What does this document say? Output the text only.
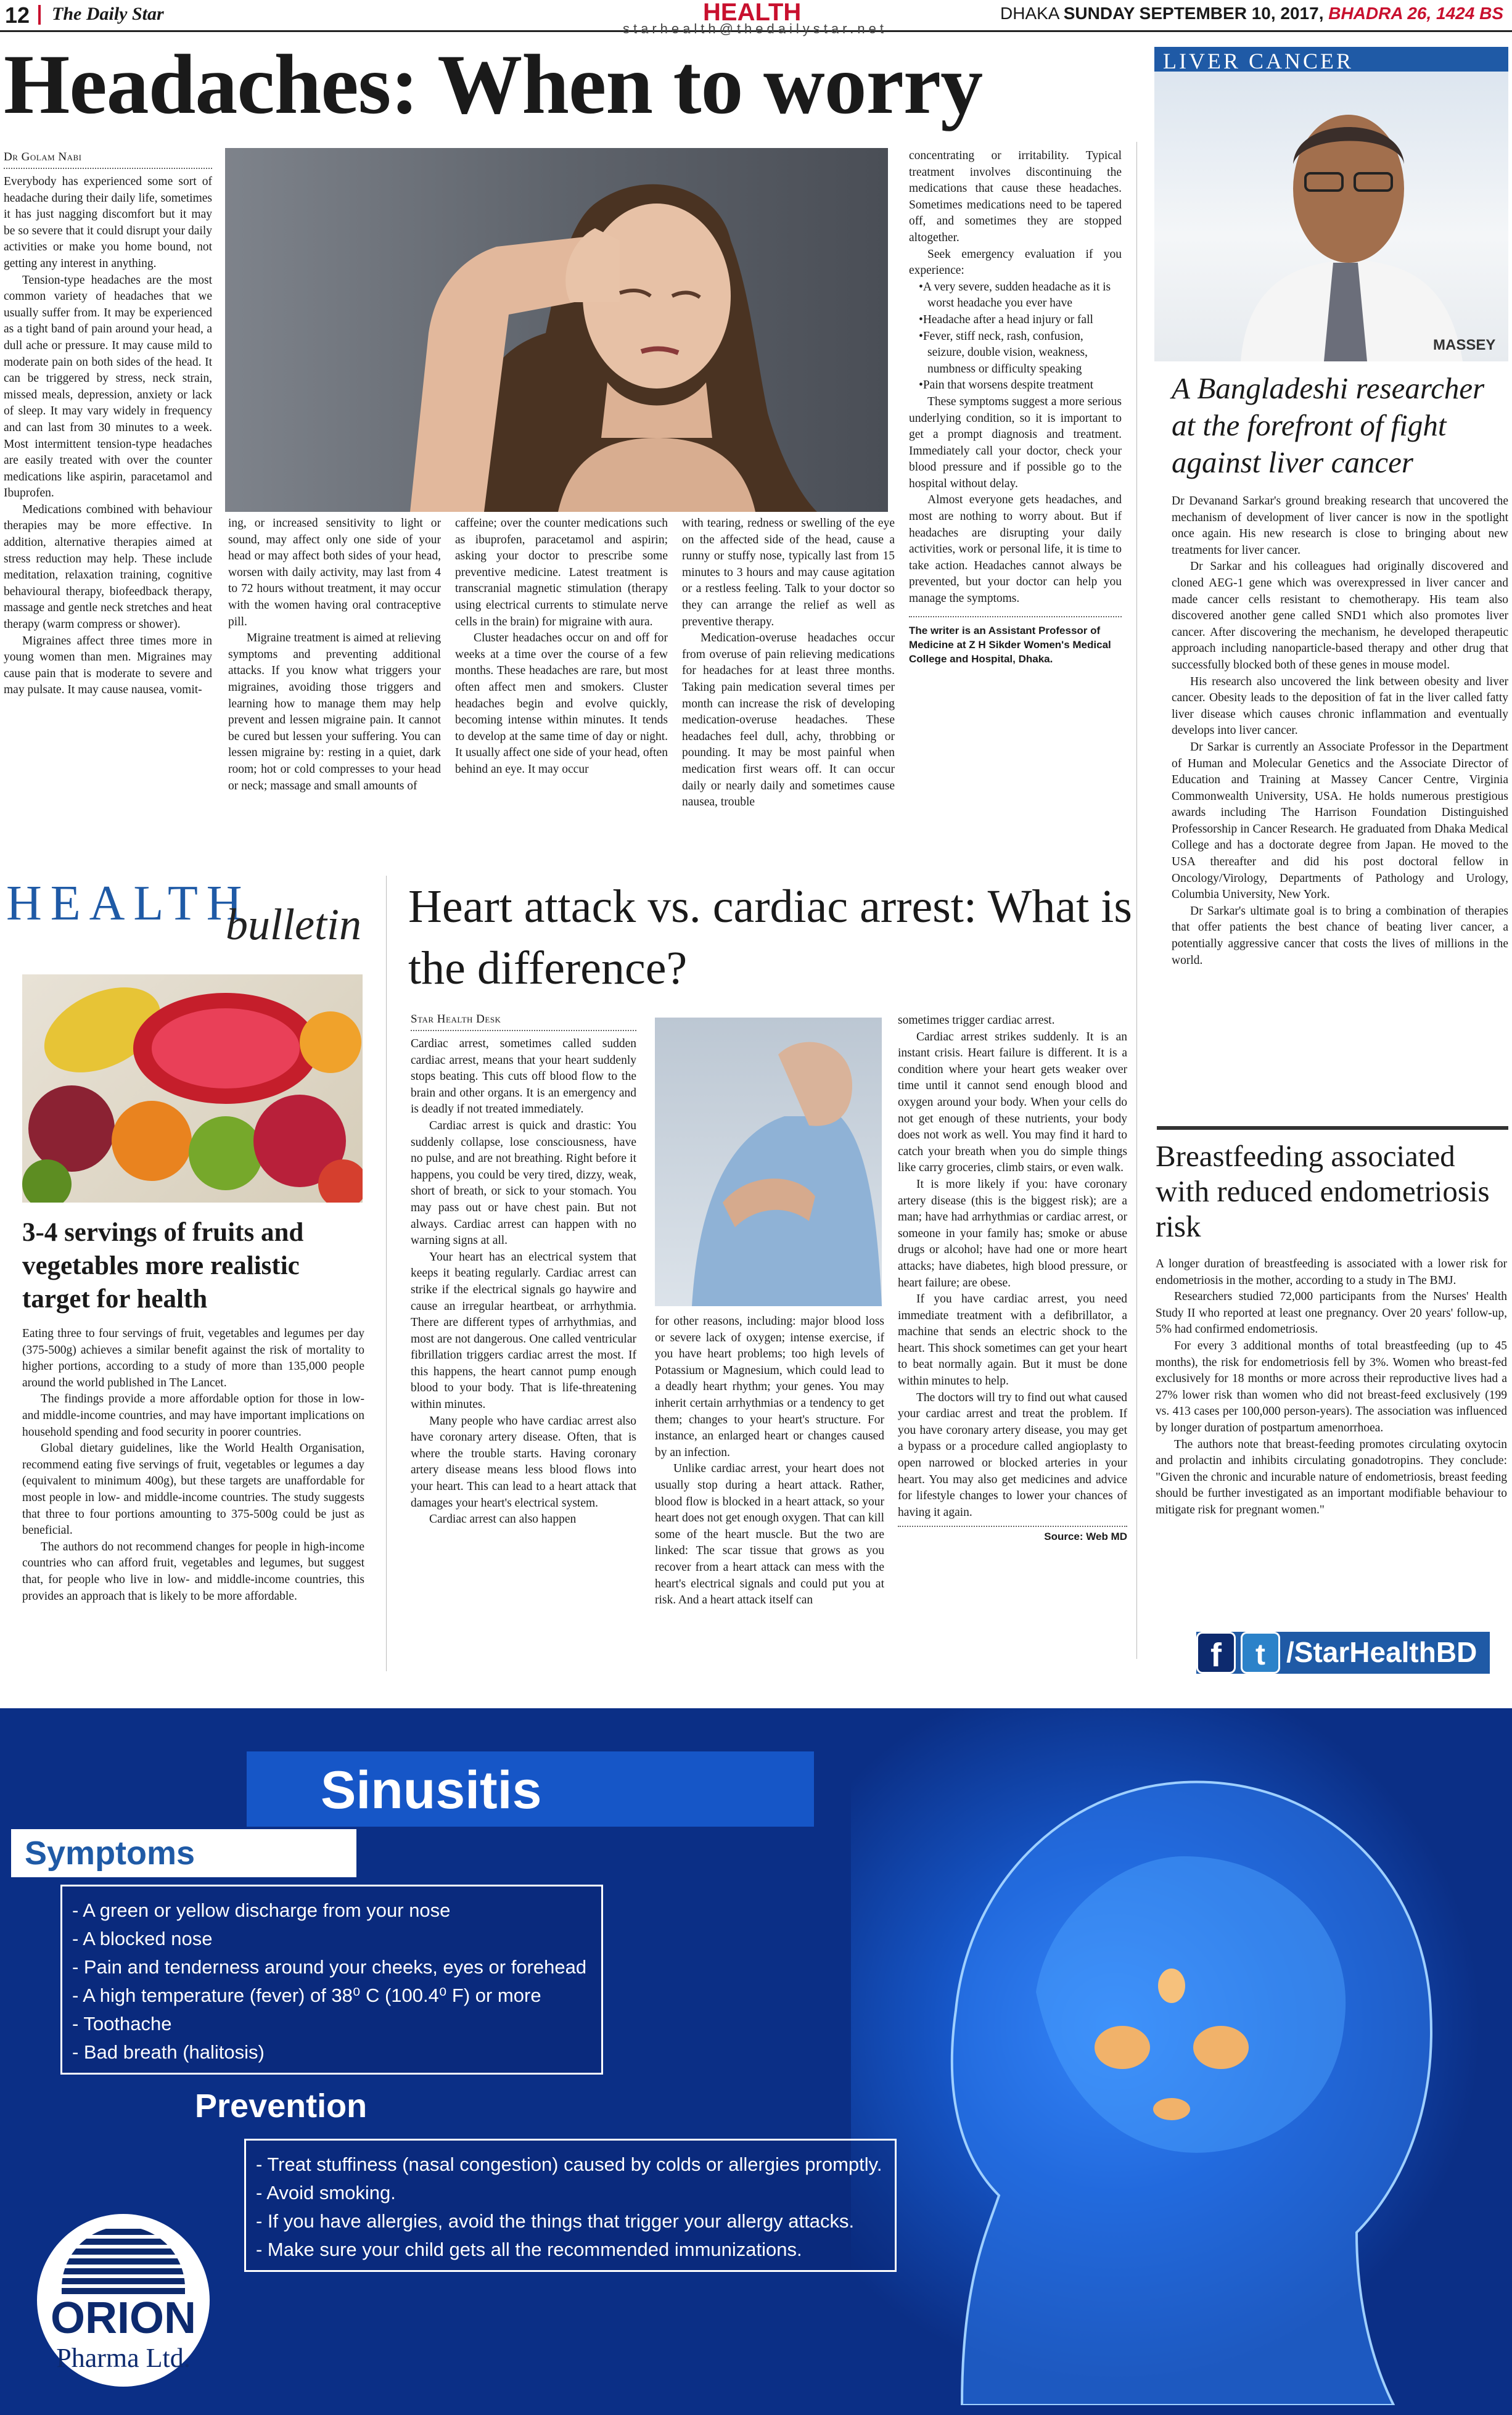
12 The Daily Star	HEALTH
starhealth@thedailystar.net
DHAKA SUNDAY SEPTEMBER 10, 2017, BHADRA 26, 1424 BS
Headaches: When to worry
Dr Golam Nabi

Everybody has experienced some sort of headache during their daily life, sometimes it has just nagging discomfort but it may be so severe that it could disrupt your daily activities or make you home bound, not getting any interest in anything.

Tension-type headaches are the most common variety of headaches that we usually suffer from. It may be experienced as a tight band of pain around your head, a dull ache or pressure. It may cause mild to moderate pain on both sides of the head. It can be triggered by stress, neck strain, missed meals, depression, anxiety or lack of sleep. It may vary widely in frequency and can last from 30 minutes to a week. Most intermittent tension-type headaches are easily treated with over the counter medications like aspirin, paracetamol and Ibuprofen.

Medications combined with behaviour therapies may be more effective. In addition, alternative therapies aimed at stress reduction may help. These include meditation, relaxation training, cognitive behavioural therapy, biofeedback therapy, massage and gentle neck stretches and heat therapy (warm compress or shower).

Migraines affect three times more in young women than men. Migraines may cause pain that is moderate to severe and may pulsate. It may cause nausea, vomit-

ing, or increased sensitivity to light or sound, may affect only one side of your head or may affect both sides of your head, worsen with daily activity, may last from 4 to 72 hours without treatment, it may occur with the women having oral contraceptive pill.

Migraine treatment is aimed at relieving symptoms and preventing additional attacks. If you know what triggers your migraines, avoiding those triggers and learning how to manage them may help prevent and lessen migraine pain. It cannot be cured but lessen your suffering. You can lessen migraine by: resting in a quiet, dark room; hot or cold compresses to your head or neck; massage and small amounts of

caffeine; over the counter medications such as ibuprofen, paracetamol and aspirin; asking your doctor to prescribe some preventive medicine. Latest treatment is transcranial magnetic stimulation (therapy using electrical currents to stimulate nerve cells in the brain) for migraine with aura.

Cluster headaches occur on and off for weeks at a time over the course of a few months. These headaches are rare, but most often affect men and smokers. Cluster headaches begin and evolve quickly, becoming intense within minutes. It tends to develop at the same time of day or night. It usually affect one side of your head, often behind an eye. It may occur

with tearing, redness or swelling of the eye on the affected side of the head, cause a runny or stuffy nose, typically last from 15 minutes to 3 hours and may cause agitation or a restless feeling. Talk to your doctor so they can arrange the relief as well as preventive therapy.

Medication-overuse headaches occur from overuse of pain relieving medications for headaches for at least three months. Taking pain medication several times per month can increase the risk of developing medication-overuse headaches. These headaches feel dull, achy, throbbing or pounding. It may be most painful when medication first wears off. It can occur daily or nearly daily and sometimes cause nausea, trouble

concentrating or irritability. Typical treatment involves discontinuing the medications that cause these headaches. Sometimes medications need to be tapered off, and sometimes they are stopped altogether.

Seek emergency evaluation if you experience:

•A very severe, sudden headache as it is worst headache you ever have
•Headache after a head injury or fall
•Fever, stiff neck, rash, confusion, seizure, double vision, weakness, numbness or difficulty speaking
•Pain that worsens despite treatment

These symptoms suggest a more serious underlying condition, so it is important to get a prompt diagnosis and treatment. Immediately call your doctor, check your blood pressure and if possible go to the hospital without delay.

Almost everyone gets headaches, and most are nothing to worry about. But if headaches are disrupting your daily activities, work or personal life, it is time to take action. Headaches cannot always be prevented, but your doctor can help you manage the symptoms.

The writer is an Assistant Professor of Medicine at Z H Sikder Women's Medical College and Hospital, Dhaka.
LIVER CANCER
MASSEY
A Bangladeshi researcher at the forefront of fight against liver cancer

Dr Devanand Sarkar's ground breaking research that uncovered the mechanism of development of liver cancer is now in the spotlight once again. His new research is close to bringing about new treatments for liver cancer.

Dr Sarkar and his colleagues had originally discovered and cloned AEG-1 gene which was overexpressed in liver cancer and made cancer cells resistant to chemotherapy. His team also discovered another gene called SND1 which also promotes liver cancer. After discovering the mechanism, he developed therapeutic approach including nanoparticle-based therapy and other drug that successfully blocked both of these genes in mouse model.

His research also uncovered the link between obesity and liver cancer. Obesity leads to the deposition of fat in the liver called fatty liver disease which causes chronic inflammation and eventually develops into liver cancer.

Dr Sarkar is currently an Associate Professor in the Department of Human and Molecular Genetics and the Associate Director of Education and Training at Massey Cancer Centre, Virginia Commonwealth University, USA. He holds numerous prestigious awards including The Harrison Foundation Distinguished Professorship in Cancer Research. He graduated from Dhaka Medical College and has a doctorate degree from Japan. He moved to the USA thereafter and did his post doctoral fellow in Oncology/Virology, Departments of Pathology and Urology, Columbia University, New York.

Dr Sarkar's ultimate goal is to bring a combination of therapies that offer patients the best chance of beating liver cancer, a potentially aggressive cancer that costs the lives of millions in the world.

Breastfeeding associated with reduced endometriosis risk

A longer duration of breastfeeding is associated with a lower risk for endometriosis in the mother, according to a study in The BMJ.

Researchers studied 72,000 participants from the Nurses' Health Study II who reported at least one pregnancy. Over 20 years' follow-up, 5% had confirmed endometriosis.

For every 3 additional months of total breastfeeding (up to 45 months), the risk for endometriosis fell by 3%. Women who breast-fed exclusively for 18 months or more across their reproductive lives had a 27% lower risk than women who did not breast-feed exclusively (199 vs. 413 cases per 100,000 person-years). The association was influenced by longer duration of postpartum amenorrhoea.

The authors note that breast-feeding promotes circulating oxytocin and prolactin and inhibits circulating gonadotropins. They conclude: "Given the chronic and incurable nature of endometriosis, breast feeding should be further investigated as an important modifiable behaviour to mitigate risk for pregnant women."

f	t /StarHealthBD
HEALTH
bulletin
3-4 servings of fruits and vegetables more realistic target for health

Eating three to four servings of fruit, vegetables and legumes per day (375-500g) achieves a similar benefit against the risk of mortality to higher portions, according to a study of more than 135,000 people around the world published in The Lancet.

The findings provide a more affordable option for those in low- and middle-income countries, and may have important implications on household spending and food security in poorer countries.

Global dietary guidelines, like the World Health Organisation, recommend eating five servings of fruit, vegetables or legumes a day (equivalent to minimum 400g), but these targets are unaffordable for most people in low- and middle-income countries. The study suggests that three to four portions amounting to 375-500g could be just as beneficial.

The authors do not recommend changes for people in high-income countries who can afford fruit, vegetables and legumes, but suggest that, for people who live in low- and middle-income countries, this provides an approach that is likely to be more affordable.

Heart attack vs. cardiac arrest: What is the difference?
Star Health Desk

Cardiac arrest, sometimes called sudden cardiac arrest, means that your heart suddenly stops beating. This cuts off blood flow to the brain and other organs. It is an emergency and is deadly if not treated immediately.

Cardiac arrest is quick and drastic: You suddenly collapse, lose consciousness, have no pulse, and are not breathing. Right before it happens, you could be very tired, dizzy, weak, short of breath, or sick to your stomach. You may pass out or have chest pain. But not always. Cardiac arrest can happen with no warning signs at all.

Your heart has an electrical system that keeps it beating regularly. Cardiac arrest can strike if the electrical signals go haywire and cause an irregular heartbeat, or arrhythmia. There are different types of arrhythmias, and most are not dangerous. One called ventricular fibrillation triggers cardiac arrest the most. If this happens, the heart cannot pump enough blood to your body. That is life-threatening within minutes.

Many people who have cardiac arrest also have coronary artery disease. Often, that is where the trouble starts. Having coronary artery disease means less blood flows into your heart. This can lead to a heart attack that damages your heart's electrical system.

Cardiac arrest can also happen

for other reasons, including: major blood loss or severe lack of oxygen; intense exercise, if you have heart problems; too high levels of Potassium or Magnesium, which could lead to a deadly heart rhythm; your genes. You may inherit certain arrhythmias or a tendency to get them; changes to your heart's structure. For instance, an enlarged heart or changes caused by an infection.

Unlike cardiac arrest, your heart does not usually stop during a heart attack. Rather, blood flow is blocked in a heart attack, so your heart does not get enough oxygen. That can kill some of the heart muscle. But the two are linked: The scar tissue that grows as you recover from a heart attack can mess with the heart's electrical signals and could put you at risk. And a heart attack itself can

sometimes trigger cardiac arrest.

Cardiac arrest strikes suddenly. It is an instant crisis. Heart failure is different. It is a condition where your heart gets weaker over time until it cannot send enough blood and oxygen around your body. When your cells do not get enough of these nutrients, your body does not work as well. You may find it hard to catch your breath when you do simple things like carry groceries, climb stairs, or even walk.

It is more likely if you: have coronary artery disease (this is the biggest risk); are a man; have had arrhythmias or cardiac arrest, or someone in your family has; smoke or abuse drugs or alcohol; have had one or more heart attacks; have diabetes, high blood pressure, or heart failure; are obese.

If you have cardiac arrest, you need immediate treatment with a defibrillator, a machine that sends an electric shock to the heart. This shock sometimes can get your heart to beat normally again. But it must be done within minutes to help.

The doctors will try to find out what caused your cardiac arrest and treat the problem. If you have coronary artery disease, you may get a bypass or a procedure called angioplasty to open narrowed or blocked arteries in your heart. You may also get medicines and advice for lifestyle changes to lower your chances of having it again.

Source: Web MD
Sinusitis
Symptoms
- A green or yellow discharge from your nose
- A blocked nose
- Pain and tenderness around your cheeks, eyes or forehead
- A high temperature (fever) of 38⁰ C (100.4⁰ F) or more
- Toothache
- Bad breath (halitosis)
Prevention
- Treat stuffiness (nasal congestion) caused by colds or allergies promptly.
- Avoid smoking.
- If you have allergies, avoid the things that trigger your allergy attacks.
- Make sure your child gets all the recommended immunizations.
ORION
Pharma Ltd.
